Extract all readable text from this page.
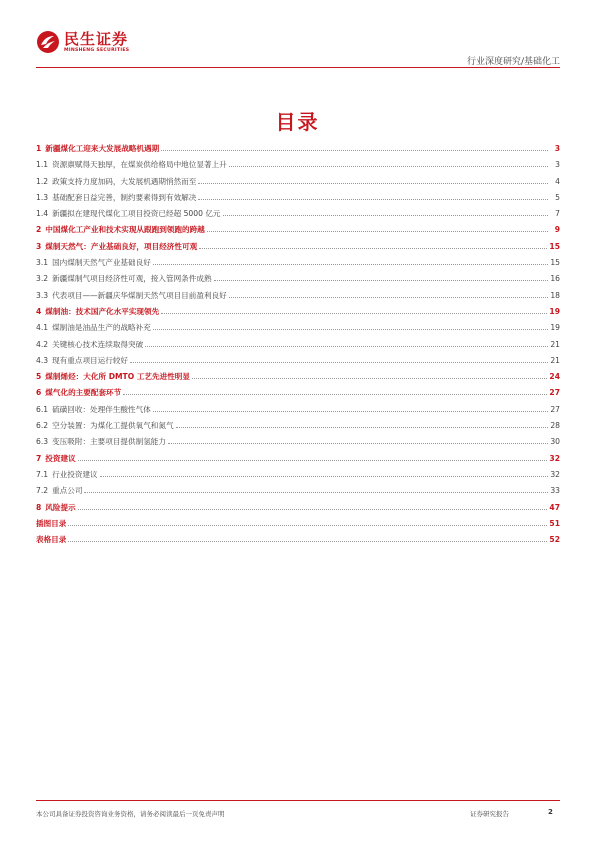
民生证券
MINSHENG SECURITIES
行业深度研究/基础化工
目录
1 新疆煤化工迎来大发展战略机遇期	3
1.1 资源禀赋得天独厚，在煤炭供给格局中地位显著上升	3
1.2 政策支持力度加码，大发展机遇期悄然而至	4
1.3 基础配套日益完善，制约要素得到有效解决	5
1.4 新疆拟在建现代煤化工项目投资已经超 5000 亿元	7
2 中国煤化工产业和技术实现从跟跑到领跑的跨越	9
3 煤制天然气：产业基础良好，项目经济性可观	15
3.1 国内煤制天然气产业基础良好	15
3.2 新疆煤制气项目经济性可观，接入管网条件成熟	16
3.3 代表项目——新疆庆华煤制天然气项目目前盈利良好	18
4 煤制油：技术国产化水平实现领先	19
4.1 煤制油是油品生产的战略补充	19
4.2 关键核心技术连续取得突破	21
4.3 现有重点项目运行较好	21
5 煤制烯烃：大化所 DMTO 工艺先进性明显	24
6 煤气化的主要配套环节	27
6.1 硫磺回收：处理伴生酸性气体	27
6.2 空分装置：为煤化工提供氧气和氮气	28
6.3 变压吸附：主要项目提供制氢能力	30
7 投资建议	32
7.1 行业投资建议	32
7.2 重点公司	33
8 风险提示	47
插图目录	51
表格目录	52
本公司具备证券投资咨询业务资格，请务必阅读最后一页免责声明	证券研究报告	2
